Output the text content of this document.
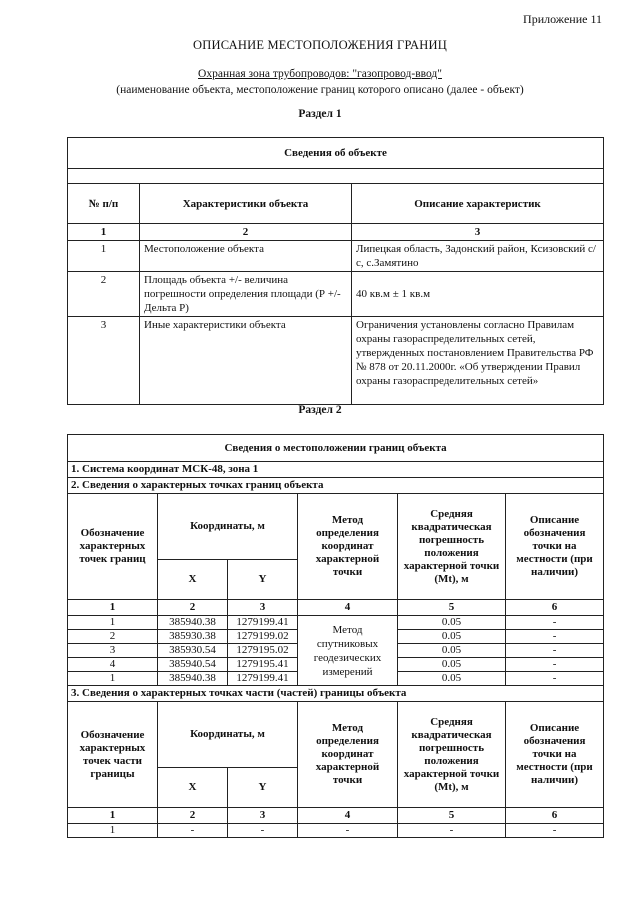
Приложение 11
ОПИСАНИЕ МЕСТОПОЛОЖЕНИЯ ГРАНИЦ
Охранная зона трубопроводов: "газопровод-ввод"
(наименование объекта, местоположение границ которого описано (далее - объект)
Раздел 1
Сведения об объекте		

№ п/п	Характеристики объекта	Описание характеристик
1	2	3
1	Местоположение объекта	Липецкая область, Задонский район, Ксизовский с/с, с.Замятино
2	Площадь объекта +/- величина погрешности определения площади (Р +/- Дельта Р)	40 кв.м ± 1 кв.м
3	Иные характеристики объекта	Ограничения установлены согласно Правилам охраны газораспределительных сетей, утвержденных постановлением Правительства РФ № 878 от 20.11.2000г. «Об утверждении Правил охраны газораспределительных сетей»
Раздел 2
Сведения о местоположении границ объекта					
1. Система координат МСК-48, зона 1					
2. Сведения о характерных точках границ объекта					
Обозначение характерных точек границ	Координаты, м		Метод определения координат характерной точки	Средняя квадратическая погрешность положения характерной точки (Mt), м	Описание обозначения точки на местности (при наличии)
	X	Y			
1	2	3	4	5	6
1	385940.38	1279199.41	Метод спутниковых геодезических измерений	0.05	-
2	385930.38	1279199.02		0.05	-
3	385930.54	1279195.02		0.05	-
4	385940.54	1279195.41		0.05	-
1	385940.38	1279199.41		0.05	-
3. Сведения о характерных точках части (частей) границы объекта					
Обозначение характерных точек части границы	Координаты, м		Метод определения координат характерной точки	Средняя квадратическая погрешность положения характерной точки (Mt), м	Описание обозначения точки на местности (при наличии)
	X	Y			
1	2	3	4	5	6
1	-	-	-	-	-
